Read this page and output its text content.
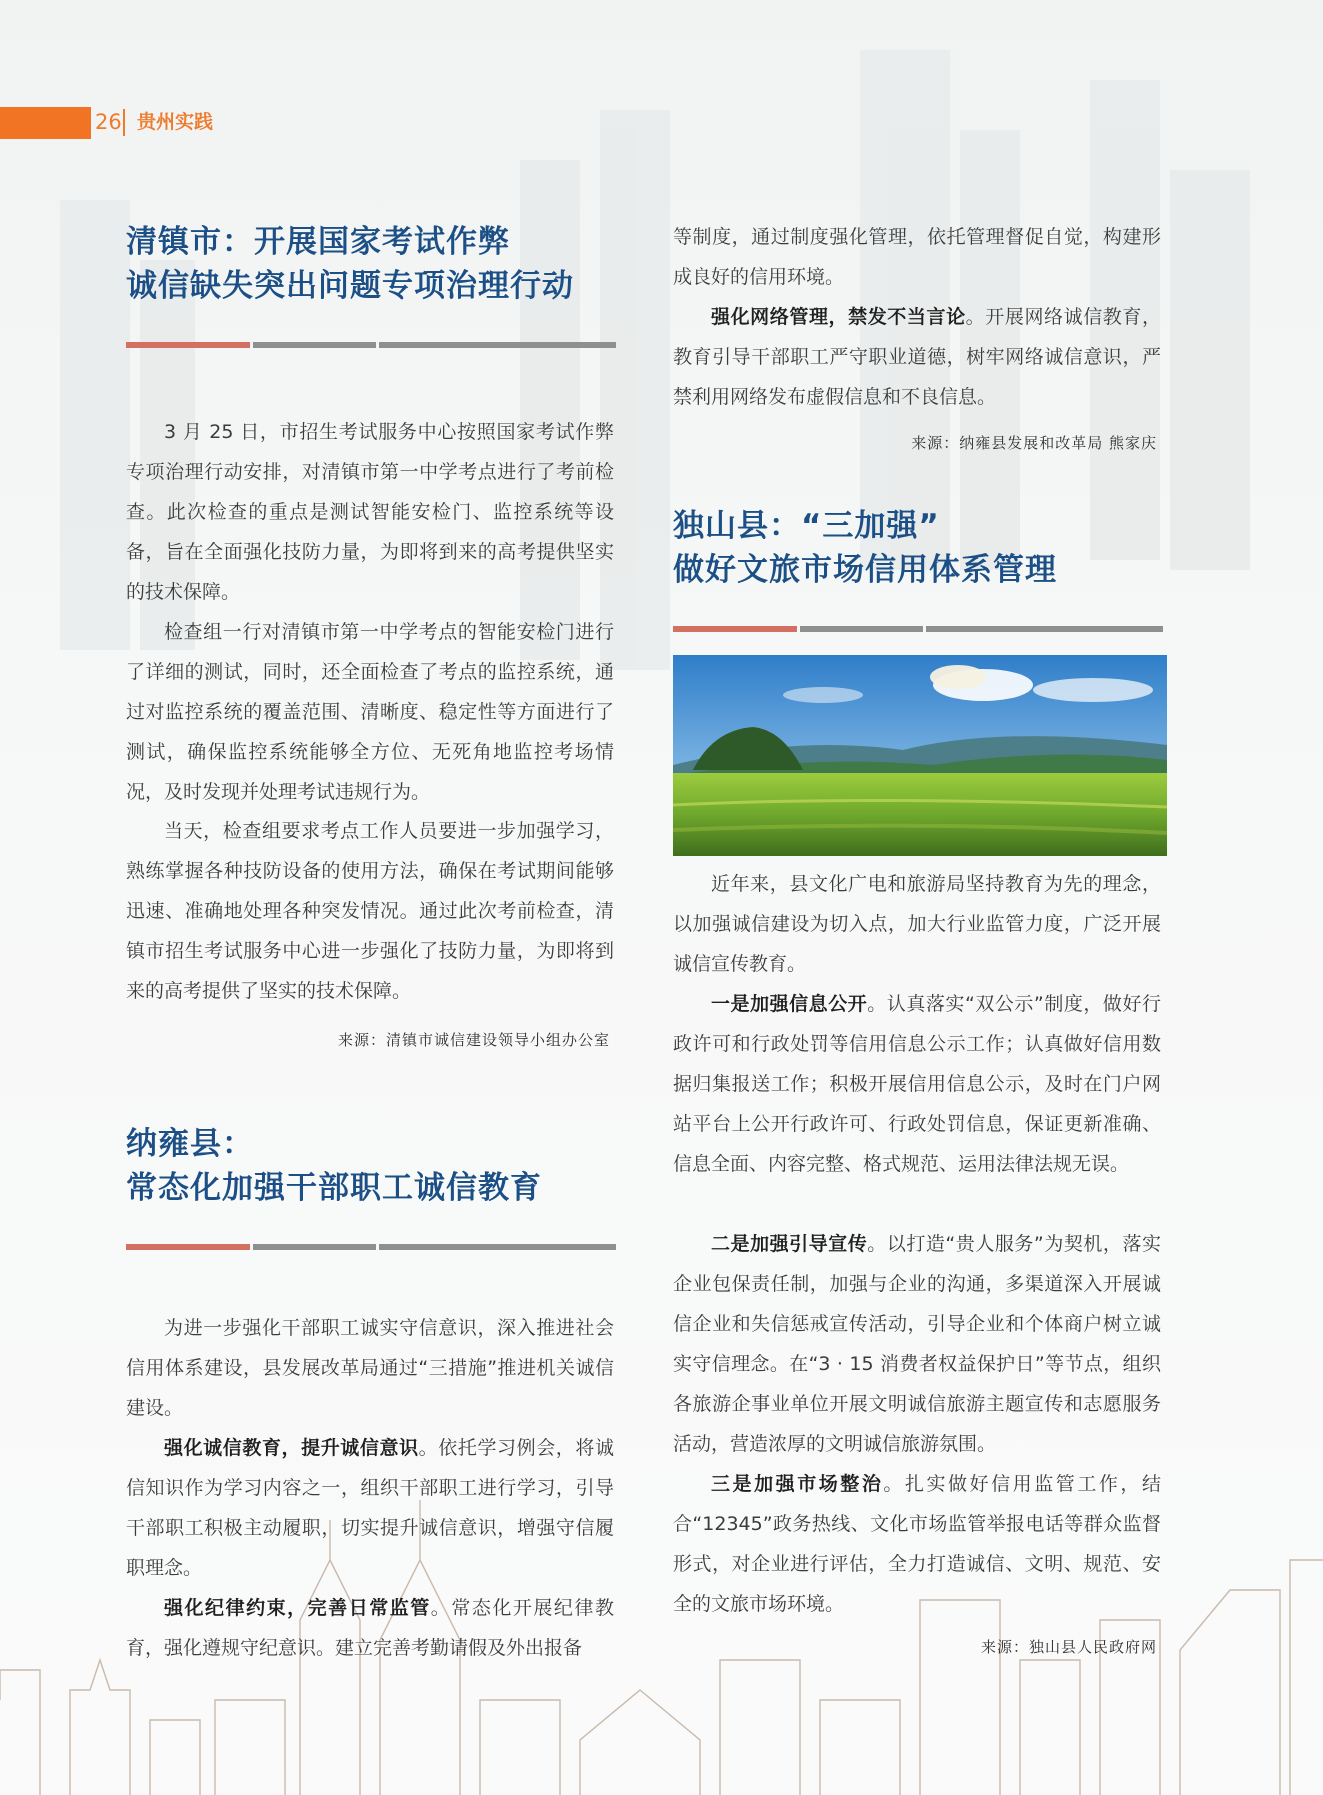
26 贵州实践
清镇市：开展国家考试作弊
诚信缺失突出问题专项治理行动

3 月 25 日，市招生考试服务中心按照国家考试作弊专项治理行动安排，对清镇市第一中学考点进行了考前检查。此次检查的重点是测试智能安检门、监控系统等设备，旨在全面强化技防力量，为即将到来的高考提供坚实的技术保障。

检查组一行对清镇市第一中学考点的智能安检门进行了详细的测试，同时，还全面检查了考点的监控系统，通过对监控系统的覆盖范围、清晰度、稳定性等方面进行了测试，确保监控系统能够全方位、无死角地监控考场情况，及时发现并处理考试违规行为。

当天，检查组要求考点工作人员要进一步加强学习，熟练掌握各种技防设备的使用方法，确保在考试期间能够迅速、准确地处理各种突发情况。通过此次考前检查，清镇市招生考试服务中心进一步强化了技防力量，为即将到来的高考提供了坚实的技术保障。

来源：清镇市诚信建设领导小组办公室
纳雍县：
常态化加强干部职工诚信教育

为进一步强化干部职工诚实守信意识，深入推进社会信用体系建设，县发展改革局通过“三措施”推进机关诚信建设。

强化诚信教育，提升诚信意识。依托学习例会，将诚信知识作为学习内容之一，组织干部职工进行学习，引导干部职工积极主动履职，切实提升诚信意识，增强守信履职理念。

强化纪律约束，完善日常监管。常态化开展纪律教育，强化遵规守纪意识。建立完善考勤请假及外出报备

等制度，通过制度强化管理，依托管理督促自觉，构建形成良好的信用环境。

强化网络管理，禁发不当言论。开展网络诚信教育，教育引导干部职工严守职业道德，树牢网络诚信意识，严禁利用网络发布虚假信息和不良信息。

来源：纳雍县发展和改革局 熊家庆
独山县：“三加强”
做好文旅市场信用体系管理

近年来，县文化广电和旅游局坚持教育为先的理念，以加强诚信建设为切入点，加大行业监管力度，广泛开展诚信宣传教育。

一是加强信息公开。认真落实“双公示”制度，做好行政许可和行政处罚等信用信息公示工作；认真做好信用数据归集报送工作；积极开展信用信息公示，及时在门户网站平台上公开行政许可、行政处罚信息，保证更新准确、信息全面、内容完整、格式规范、运用法律法规无误。

二是加强引导宣传。以打造“贵人服务”为契机，落实企业包保责任制，加强与企业的沟通，多渠道深入开展诚信企业和失信惩戒宣传活动，引导企业和个体商户树立诚实守信理念。在“3 · 15 消费者权益保护日”等节点，组织各旅游企事业单位开展文明诚信旅游主题宣传和志愿服务活动，营造浓厚的文明诚信旅游氛围。

三是加强市场整治。扎实做好信用监管工作，结合“12345”政务热线、文化市场监管举报电话等群众监督形式，对企业进行评估，全力打造诚信、文明、规范、安全的文旅市场环境。

来源：独山县人民政府网
